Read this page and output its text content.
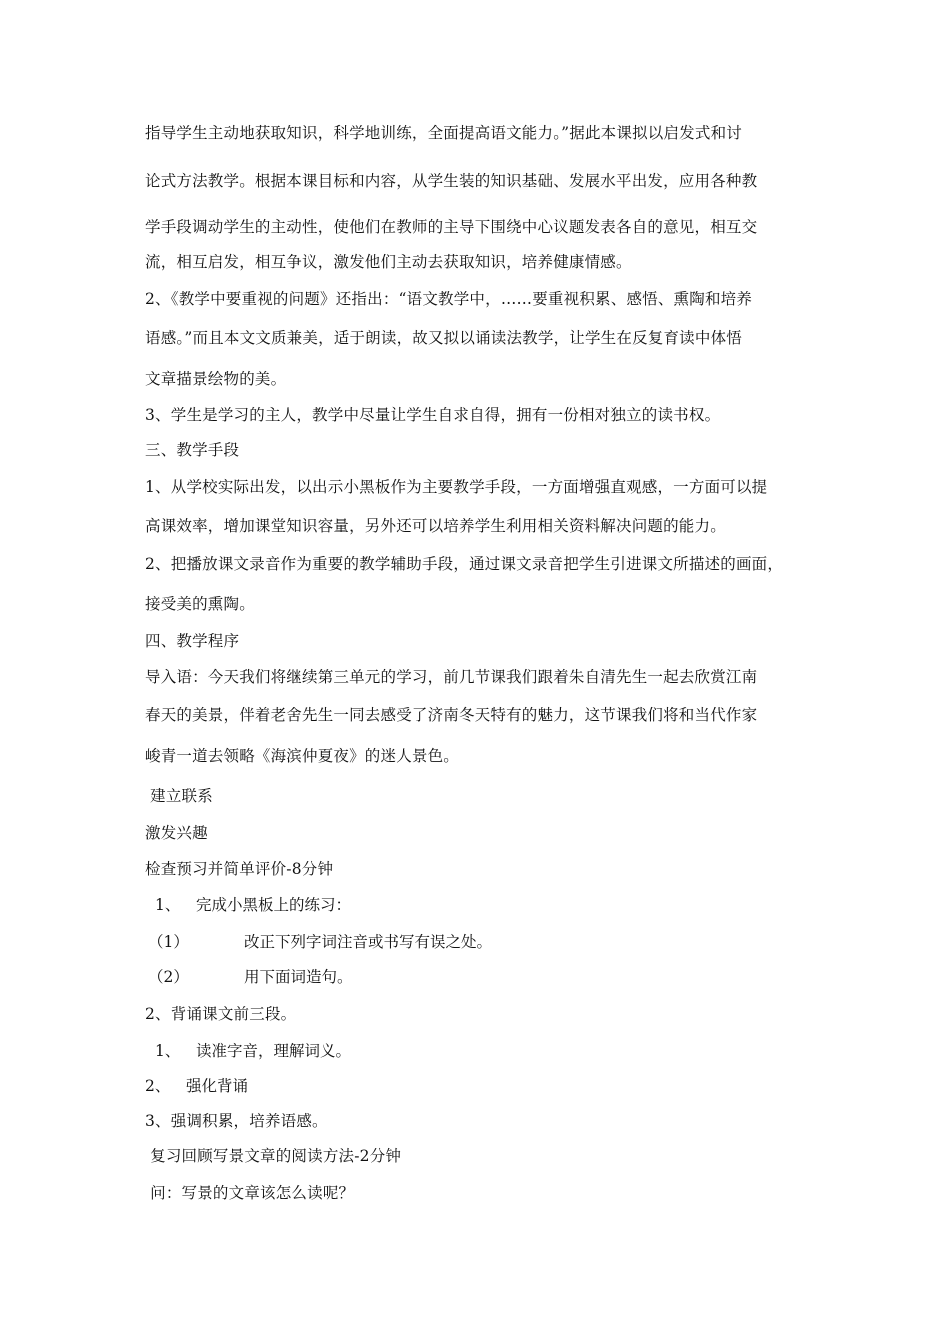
指导学生主动地获取知识，科学地训练，全面提高语文能力。”据此本课拟以启发式和讨
论式方法教学。根据本课目标和内容，从学生装的知识基础、发展水平出发，应用各种教
学手段调动学生的主动性，使他们在教师的主导下围绕中心议题发表各自的意见，相互交
流，相互启发，相互争议，激发他们主动去获取知识，培养健康情感。
2、《教学中要重视的问题》还指出：“语文教学中，……要重视积累、感悟、熏陶和培养
语感。”而且本文文质兼美，适于朗读，故又拟以诵读法教学，让学生在反复育读中体悟
文章描景绘物的美。
3、学生是学习的主人，教学中尽量让学生自求自得，拥有一份相对独立的读书权。
三、教学手段
1、从学校实际出发，以出示小黑板作为主要教学手段，一方面增强直观感，一方面可以提
高课效率，增加课堂知识容量，另外还可以培养学生利用相关资料解决问题的能力。
2、把播放课文录音作为重要的教学辅助手段，通过课文录音把学生引进课文所描述的画面，
接受美的熏陶。
四、教学程序
导入语：今天我们将继续第三单元的学习，前几节课我们跟着朱自清先生一起去欣赏江南
春天的美景，伴着老舍先生一同去感受了济南冬天特有的魅力，这节课我们将和当代作家
峻青一道去领略《海滨仲夏夜》的迷人景色。
建立联系
激发兴趣
检查预习并简单评价-8分钟
1、 完成小黑板上的练习：
（1）	改正下列字词注音或书写有误之处。
（2）	用下面词造句。
2、背诵课文前三段。
1、 读准字音，理解词义。
2、 强化背诵
3、强调积累，培养语感。
复习回顾写景文章的阅读方法-2分钟
问：写景的文章该怎么读呢？
